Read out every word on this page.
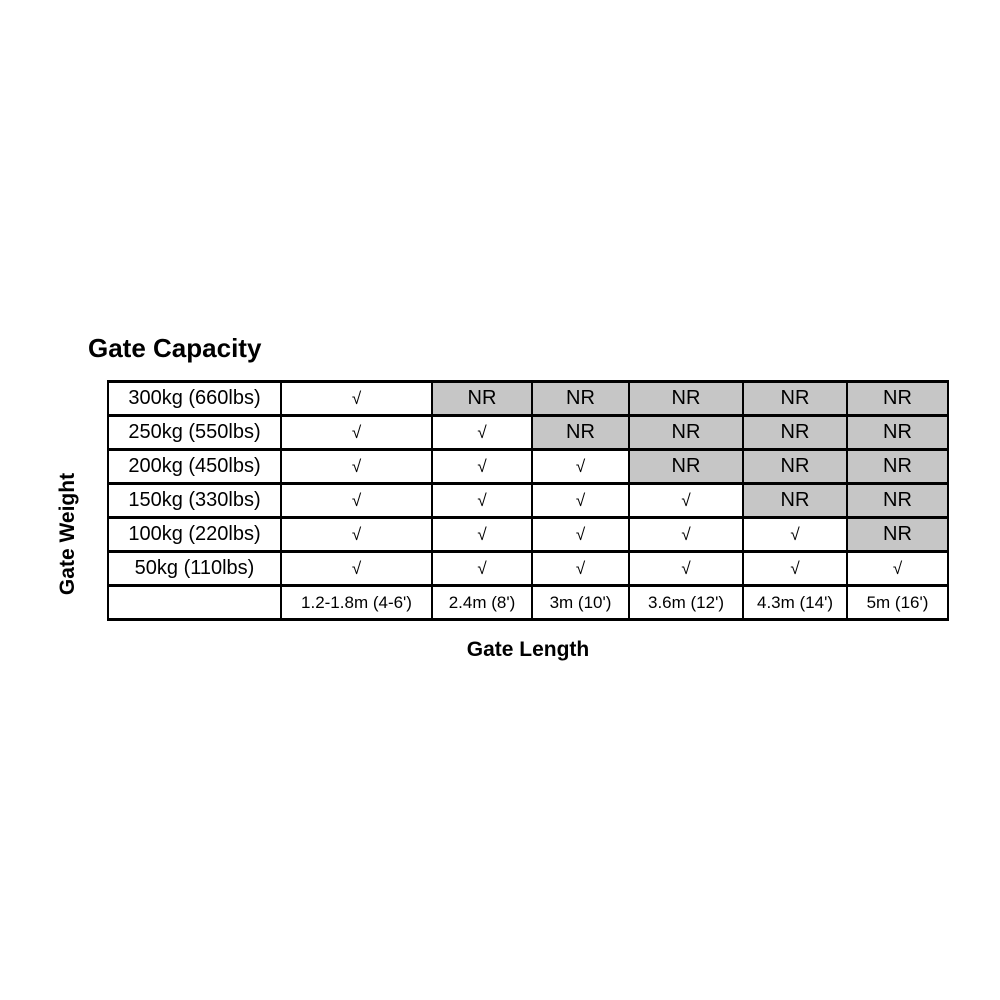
Gate Capacity
Gate Weight
300kg (660lbs)	√	NR	NR	NR	NR	NR
250kg (550lbs)	√	√	NR	NR	NR	NR
200kg (450lbs)	√	√	√	NR	NR	NR
150kg (330lbs)	√	√	√	√	NR	NR
100kg (220lbs)	√	√	√	√	√	NR
50kg (110lbs)	√	√	√	√	√	√
	1.2-1.8m (4-6')	2.4m (8')	3m (10')	3.6m (12')	4.3m (14')	5m (16')
Gate Length
